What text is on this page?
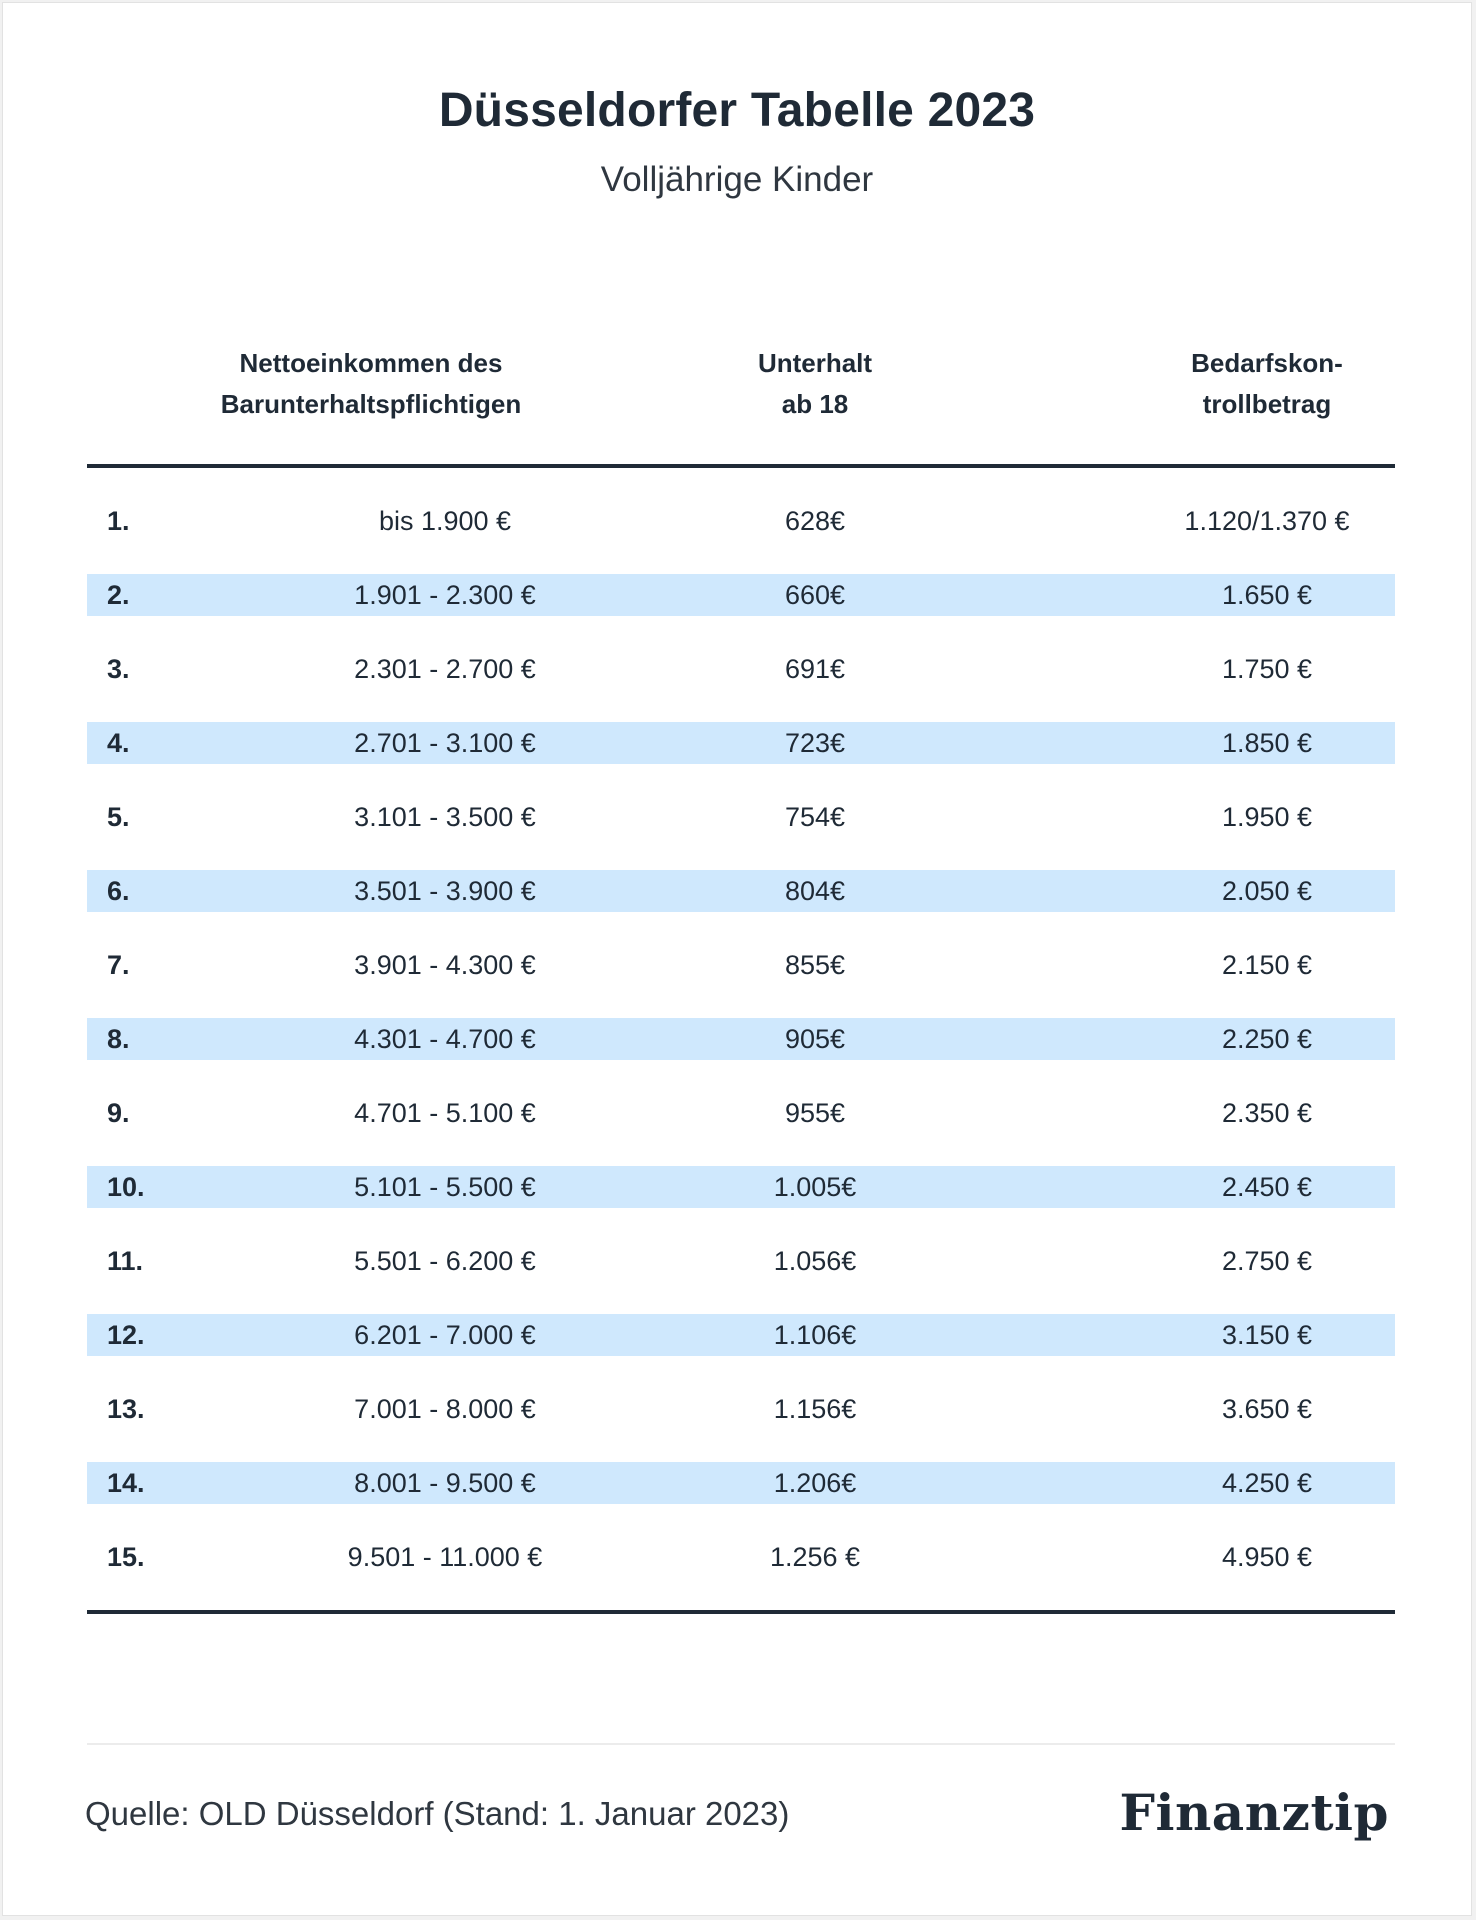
Düsseldorfer Tabelle 2023
Volljährige Kinder
Nettoeinkommen des
Barunterhaltspflichtigen
Unterhalt
ab 18
Bedarfskon-
trollbetrag
1.	bis 1.900 €	628€	1.120/1.370 €
2.	1.901 - 2.300 €	660€	1.650 €
3.	2.301 - 2.700 €	691€	1.750 €
4.	2.701 - 3.100 €	723€	1.850 €
5.	3.101 - 3.500 €	754€	1.950 €
6.	3.501 - 3.900 €	804€	2.050 €
7.	3.901 - 4.300 €	855€	2.150 €
8.	4.301 - 4.700 €	905€	2.250 €
9.	4.701 - 5.100 €	955€	2.350 €
10.	5.101 - 5.500 €	1.005€	2.450 €
11.	5.501 - 6.200 €	1.056€	2.750 €
12.	6.201 - 7.000 €	1.106€	3.150 €
13.	7.001 - 8.000 €	1.156€	3.650 €
14.	8.001 - 9.500 €	1.206€	4.250 €
15.	9.501 - 11.000 €	1.256 €	4.950 €
Quelle: OLD Düsseldorf (Stand: 1. Januar 2023)	Finanztip
